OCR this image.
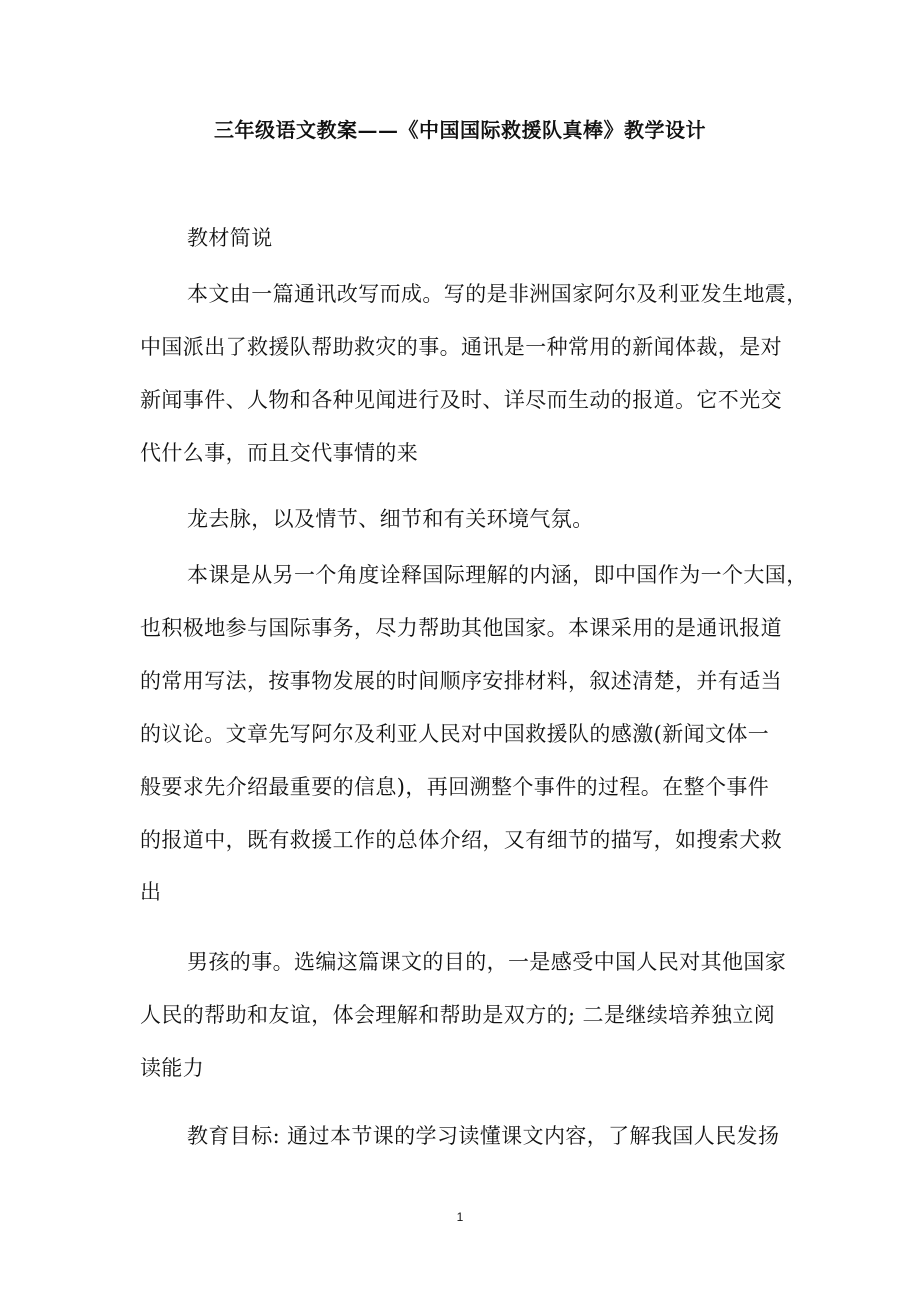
三年级语文教案——《中国国际救援队真棒》教学设计
教材简说
本文由一篇通讯改写而成。写的是非洲国家阿尔及利亚发生地震，
中国派出了救援队帮助救灾的事。通讯是一种常用的新闻体裁，是对
新闻事件、人物和各种见闻进行及时、详尽而生动的报道。它不光交
代什么事，而且交代事情的来
龙去脉，以及情节、细节和有关环境气氛。
本课是从另一个角度诠释国际理解的内涵，即中国作为一个大国，
也积极地参与国际事务，尽力帮助其他国家。本课采用的是通讯报道
的常用写法，按事物发展的时间顺序安排材料，叙述清楚，并有适当
的议论。文章先写阿尔及利亚人民对中国救援队的感激(新闻文体一
般要求先介绍最重要的信息)，再回溯整个事件的过程。在整个事件
的报道中，既有救援工作的总体介绍，又有细节的描写，如搜索犬救
出
男孩的事。选编这篇课文的目的，一是感受中国人民对其他国家
人民的帮助和友谊，体会理解和帮助是双方的; 二是继续培养独立阅
读能力
教育目标: 通过本节课的学习读懂课文内容，了解我国人民发扬
1
